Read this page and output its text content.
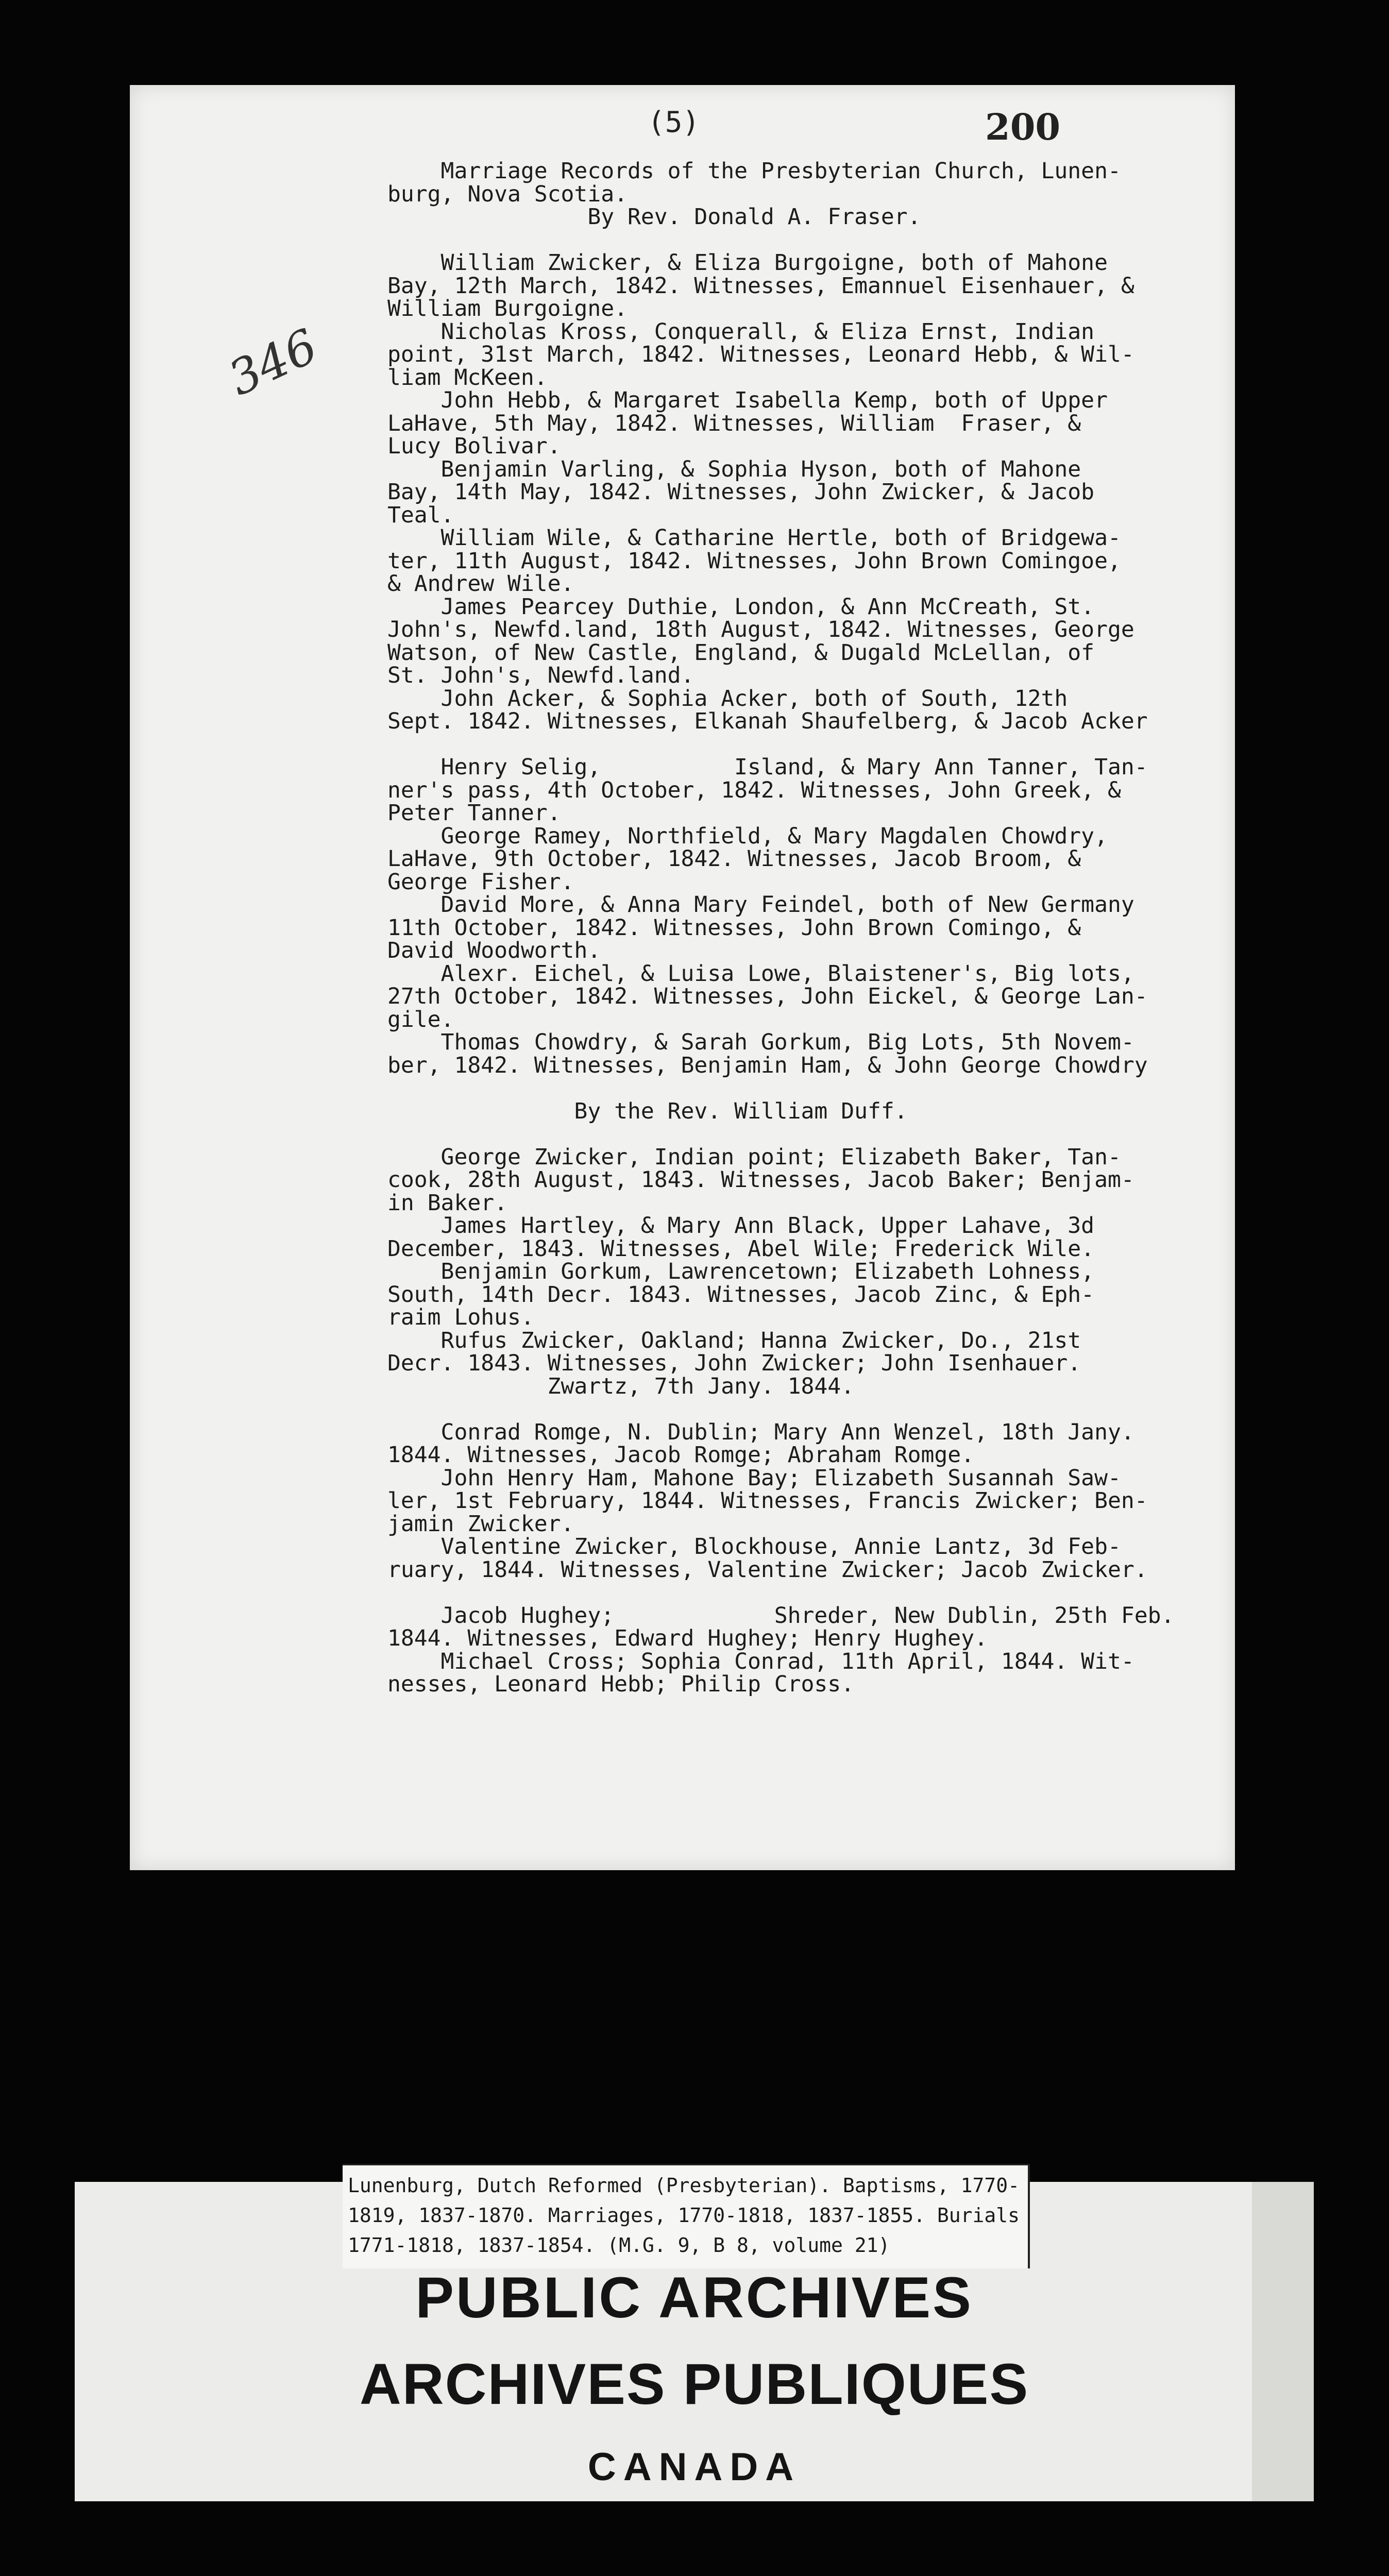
(5)	200
346
Marriage Records of the Presbyterian Church, Lunen-
burg, Nova Scotia.
By Rev. Donald A. Fraser.

William Zwicker, & Eliza Burgoigne, both of Mahone
Bay, 12th March, 1842. Witnesses, Emannuel Eisenhauer, &
William Burgoigne.
Nicholas Kross, Conquerall, & Eliza Ernst, Indian
point, 31st March, 1842. Witnesses, Leonard Hebb, & Wil-
liam McKeen.
John Hebb, & Margaret Isabella Kemp, both of Upper
LaHave, 5th May, 1842. Witnesses, William  Fraser, &
Lucy Bolivar.
Benjamin Varling, & Sophia Hyson, both of Mahone
Bay, 14th May, 1842. Witnesses, John Zwicker, & Jacob
Teal.
William Wile, & Catharine Hertle, both of Bridgewa-
ter, 11th August, 1842. Witnesses, John Brown Comingoe,
& Andrew Wile.
James Pearcey Duthie, London, & Ann McCreath, St.
John's, Newfd.land, 18th August, 1842. Witnesses, George
Watson, of New Castle, England, & Dugald McLellan, of
St. John's, Newfd.land.
John Acker, & Sophia Acker, both of South, 12th
Sept. 1842. Witnesses, Elkanah Shaufelberg, & Jacob Acker

Henry Selig,          Island, & Mary Ann Tanner, Tan-
ner's pass, 4th October, 1842. Witnesses, John Greek, &
Peter Tanner.
George Ramey, Northfield, & Mary Magdalen Chowdry,
LaHave, 9th October, 1842. Witnesses, Jacob Broom, &
George Fisher.
David More, & Anna Mary Feindel, both of New Germany
11th October, 1842. Witnesses, John Brown Comingo, &
David Woodworth.
Alexr. Eichel, & Luisa Lowe, Blaistener's, Big lots,
27th October, 1842. Witnesses, John Eickel, & George Lan-
gile.
Thomas Chowdry, & Sarah Gorkum, Big Lots, 5th Novem-
ber, 1842. Witnesses, Benjamin Ham, & John George Chowdry

By the Rev. William Duff.

George Zwicker, Indian point; Elizabeth Baker, Tan-
cook, 28th August, 1843. Witnesses, Jacob Baker; Benjam-
in Baker.
James Hartley, & Mary Ann Black, Upper Lahave, 3d
December, 1843. Witnesses, Abel Wile; Frederick Wile.
Benjamin Gorkum, Lawrencetown; Elizabeth Lohness,
South, 14th Decr. 1843. Witnesses, Jacob Zinc, & Eph-
raim Lohus.
Rufus Zwicker, Oakland; Hanna Zwicker, Do., 21st
Decr. 1843. Witnesses, John Zwicker; John Isenhauer.
Zwartz, 7th Jany. 1844.

Conrad Romge, N. Dublin; Mary Ann Wenzel, 18th Jany.
1844. Witnesses, Jacob Romge; Abraham Romge.
John Henry Ham, Mahone Bay; Elizabeth Susannah Saw-
ler, 1st February, 1844. Witnesses, Francis Zwicker; Ben-
jamin Zwicker.
Valentine Zwicker, Blockhouse, Annie Lantz, 3d Feb-
ruary, 1844. Witnesses, Valentine Zwicker; Jacob Zwicker.

Jacob Hughey;            Shreder, New Dublin, 25th Feb.
1844. Witnesses, Edward Hughey; Henry Hughey.
Michael Cross; Sophia Conrad, 11th April, 1844. Wit-
nesses, Leonard Hebb; Philip Cross.
Lunenburg, Dutch Reformed (Presbyterian). Baptisms, 1770-
1819, 1837-1870. Marriages, 1770-1818, 1837-1855. Burials
1771-1818, 1837-1854. (M.G. 9, B 8, volume 21)
PUBLIC ARCHIVES
ARCHIVES PUBLIQUES
CANADA
